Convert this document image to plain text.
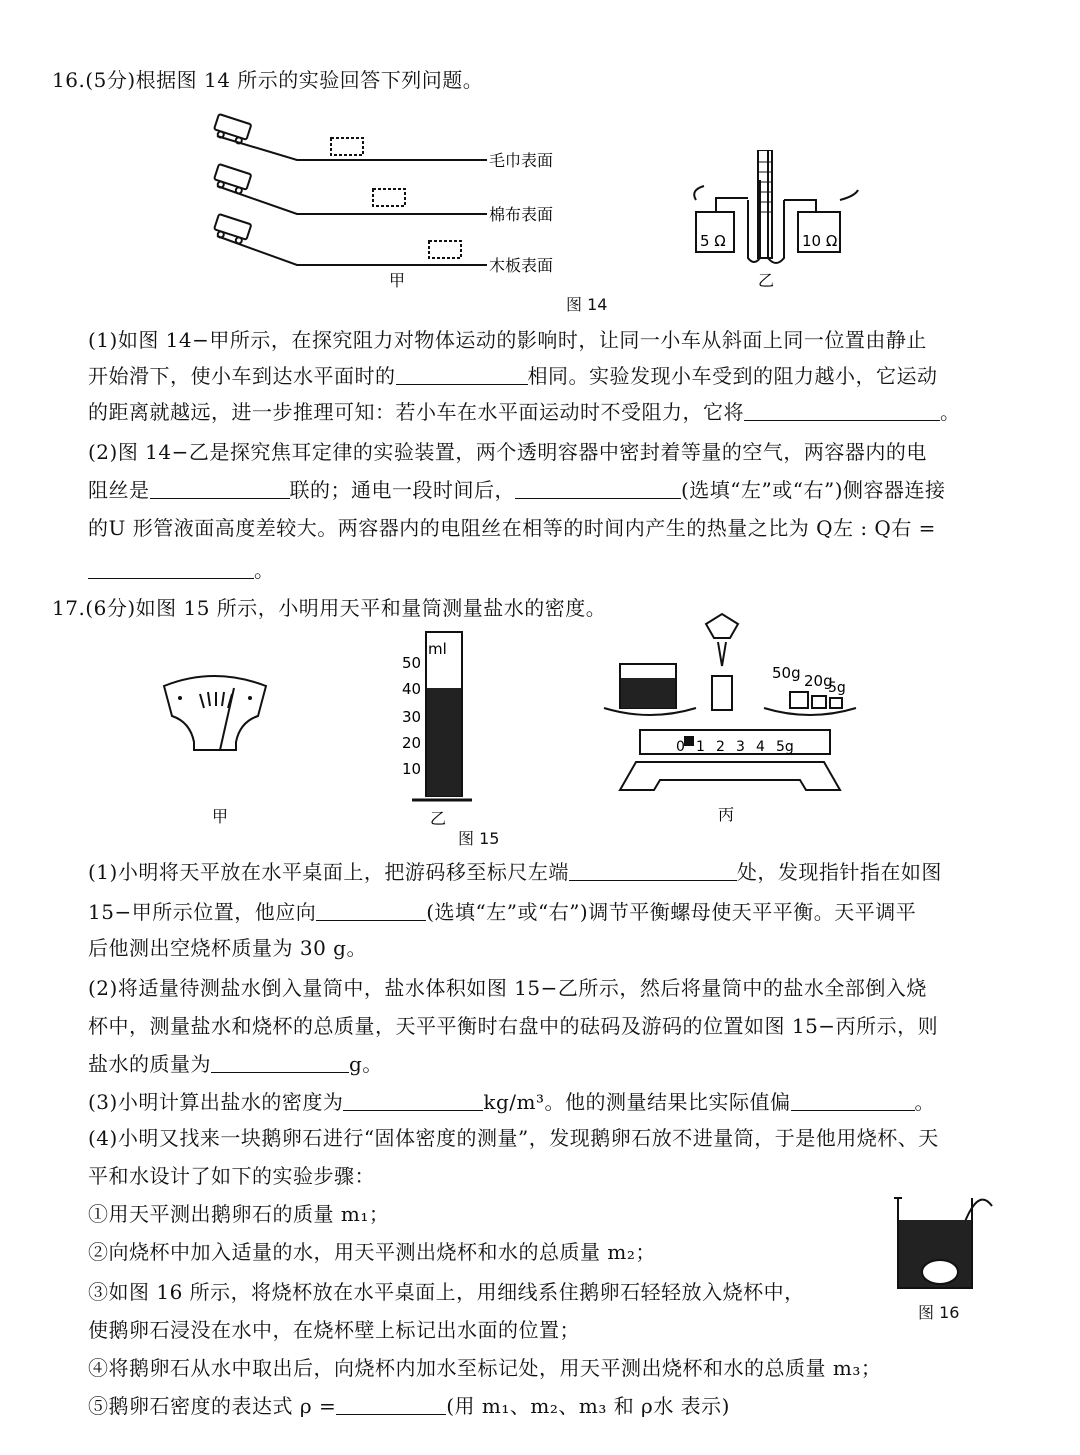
16.(5分)根据图 14 所示的实验回答下列问题。
毛巾表面
棉布表面
木板表面
甲
5 Ω	10 Ω
乙
图 14
(1)如图 14−甲所示，在探究阻力对物体运动的影响时，让同一小车从斜面上同一位置由静止
开始滑下，使小车到达水平面时的	相同。实验发现小车受到的阻力越小，它运动
的距离就越远，进一步推理可知：若小车在水平面运动时不受阻力，它将	。
(2)图 14−乙是探究焦耳定律的实验装置，两个透明容器中密封着等量的空气，两容器内的电
阻丝是	联的；通电一段时间后，	(选填“左”或“右”)侧容器连接
的U 形管液面高度差较大。两容器内的电阻丝在相等的时间内产生的热量之比为 Q左 : Q右 =
。
17.(6分)如图 15 所示，小明用天平和量筒测量盐水的密度。
甲
ml
50
40
30
20
10
乙
图 15
50g 20g
5g
0 1 2 3 4 5g
丙
(1)小明将天平放在水平桌面上，把游码移至标尺左端	处，发现指针指在如图
15−甲所示位置，他应向	(选填“左”或“右”)调节平衡螺母使天平平衡。天平调平
后他测出空烧杯质量为 30 g。
(2)将适量待测盐水倒入量筒中，盐水体积如图 15−乙所示，然后将量筒中的盐水全部倒入烧
杯中，测量盐水和烧杯的总质量，天平平衡时右盘中的砝码及游码的位置如图 15−丙所示，则
盐水的质量为	g。
(3)小明计算出盐水的密度为	kg/m³。他的测量结果比实际值偏	。
(4)小明又找来一块鹅卵石进行“固体密度的测量”，发现鹅卵石放不进量筒，于是他用烧杯、天
平和水设计了如下的实验步骤：
①用天平测出鹅卵石的质量 m₁；
②向烧杯中加入适量的水，用天平测出烧杯和水的总质量 m₂；
③如图 16 所示，将烧杯放在水平桌面上，用细线系住鹅卵石轻轻放入烧杯中，
使鹅卵石浸没在水中，在烧杯壁上标记出水面的位置；
④将鹅卵石从水中取出后，向烧杯内加水至标记处，用天平测出烧杯和水的总质量 m₃；
⑤鹅卵石密度的表达式 ρ =	(用 m₁、m₂、m₃ 和 ρ水 表示)
图 16
